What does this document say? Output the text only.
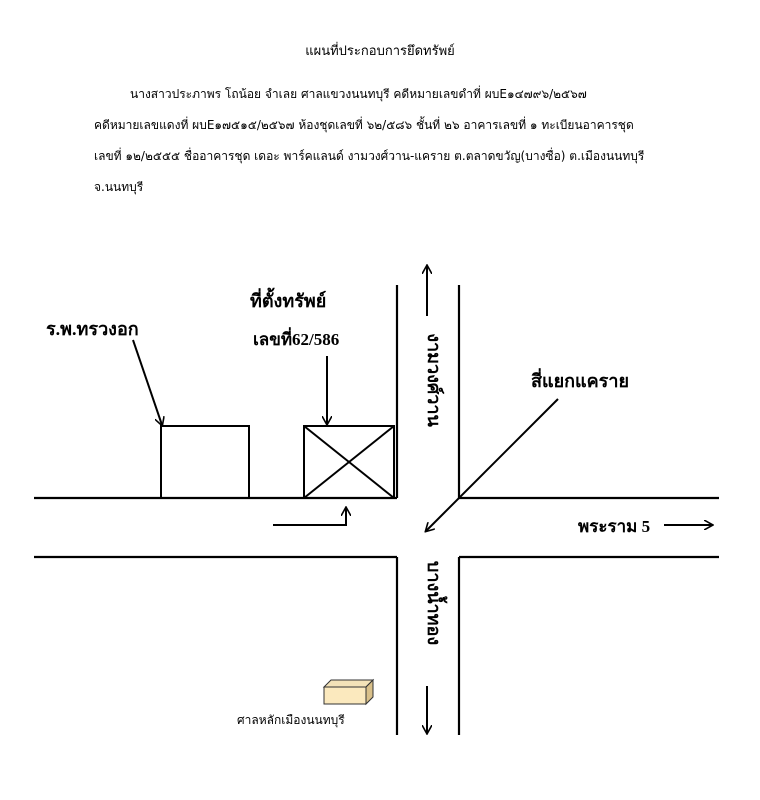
แผนที่ประกอบการยึดทรัพย์
นางสาวประภาพร โถน้อย จำเลย ศาลแขวงนนทบุรี คดีหมายเลขดำที่ ผบE๑๔๗๙๖/๒๕๖๗
คดีหมายเลขแดงที่ ผบE๑๗๕๑๕/๒๕๖๗ ห้องชุดเลขที่ ๖๒/๕๘๖ ชั้นที่ ๒๖ อาคารเลขที่ ๑ ทะเบียนอาคารชุด
เลขที่ ๑๒/๒๕๕๕ ชื่ออาคารชุด เดอะ พาร์คแลนด์ งามวงศ์วาน-แคราย ต.ตลาดขวัญ(บางซื่อ) ต.เมืองนนทบุรี
จ.นนทบุรี
ร.พ.ทรวงอก
ที่ตั้งทรัพย์
เลขที่62/586	งามวงศ์วาน
บางน้ำทอง
สี่แยกแคราย
พระราม 5
ศาลหลักเมืองนนทบุรี
